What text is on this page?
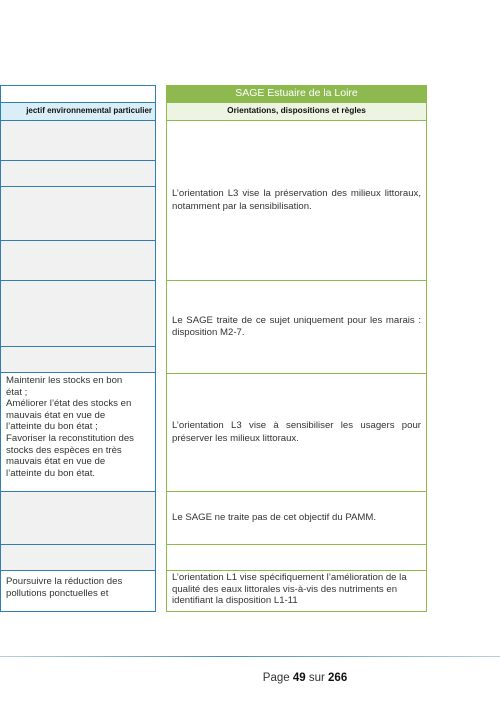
jectif environnemental particulier
Maintenir les stocks en bon
état ;
Améliorer l’état des stocks en
mauvais état en vue de
l’atteinte du bon état ;
Favoriser la reconstitution des
stocks des espèces en très
mauvais état en vue de
l’atteinte du bon état.
Poursuivre la réduction des
pollutions ponctuelles et
SAGE Estuaire de la Loire
Orientations, dispositions et règles
L’orientation L3 vise la préservation des milieux littoraux, notamment par la sensibilisation.
Le SAGE traite de ce sujet uniquement pour les marais : disposition M2-7.
L’orientation L3 vise à sensibiliser les usagers pour préserver les milieux littoraux.
Le SAGE ne traite pas de cet objectif du PAMM.
L’orientation L1 vise spécifiquement l’amélioration de la qualité des eaux littorales vis-à-vis des nutriments en identifiant la disposition L1-11
Page 49 sur 266
